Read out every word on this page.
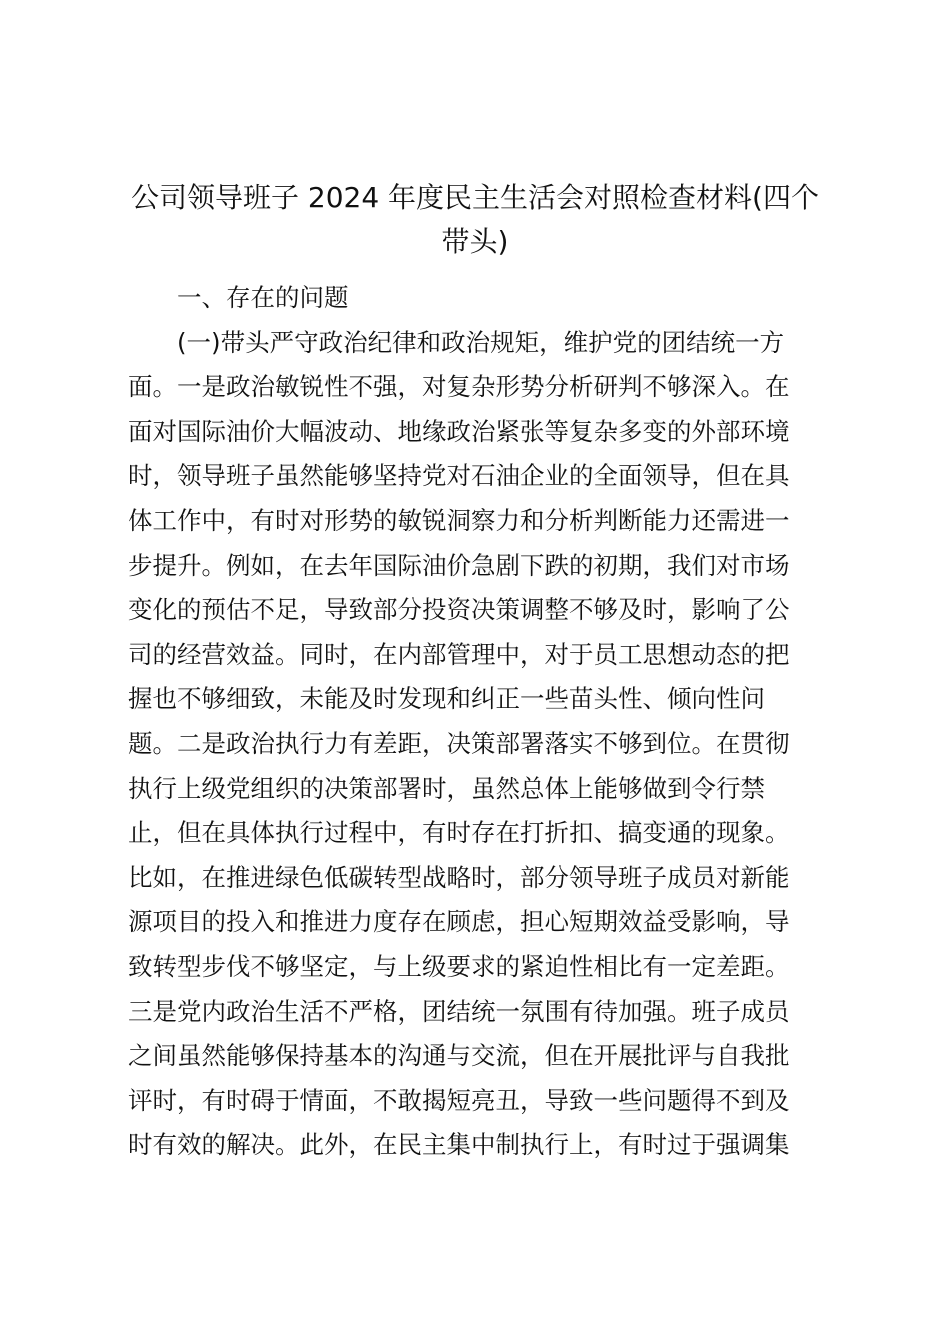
公司领导班子 2024 年度民主生活会对照检查材料(四个
带头)

一、存在的问题

(一)带头严守政治纪律和政治规矩，维护党的团结统一方

面。一是政治敏锐性不强，对复杂形势分析研判不够深入。在

面对国际油价大幅波动、地缘政治紧张等复杂多变的外部环境

时，领导班子虽然能够坚持党对石油企业的全面领导，但在具

体工作中，有时对形势的敏锐洞察力和分析判断能力还需进一

步提升。例如，在去年国际油价急剧下跌的初期，我们对市场

变化的预估不足，导致部分投资决策调整不够及时，影响了公

司的经营效益。同时，在内部管理中，对于员工思想动态的把

握也不够细致，未能及时发现和纠正一些苗头性、倾向性问

题。二是政治执行力有差距，决策部署落实不够到位。在贯彻

执行上级党组织的决策部署时，虽然总体上能够做到令行禁

止，但在具体执行过程中，有时存在打折扣、搞变通的现象。

比如，在推进绿色低碳转型战略时，部分领导班子成员对新能

源项目的投入和推进力度存在顾虑，担心短期效益受影响，导

致转型步伐不够坚定，与上级要求的紧迫性相比有一定差距。

三是党内政治生活不严格，团结统一氛围有待加强。班子成员

之间虽然能够保持基本的沟通与交流，但在开展批评与自我批

评时，有时碍于情面，不敢揭短亮丑，导致一些问题得不到及

时有效的解决。此外，在民主集中制执行上，有时过于强调集
